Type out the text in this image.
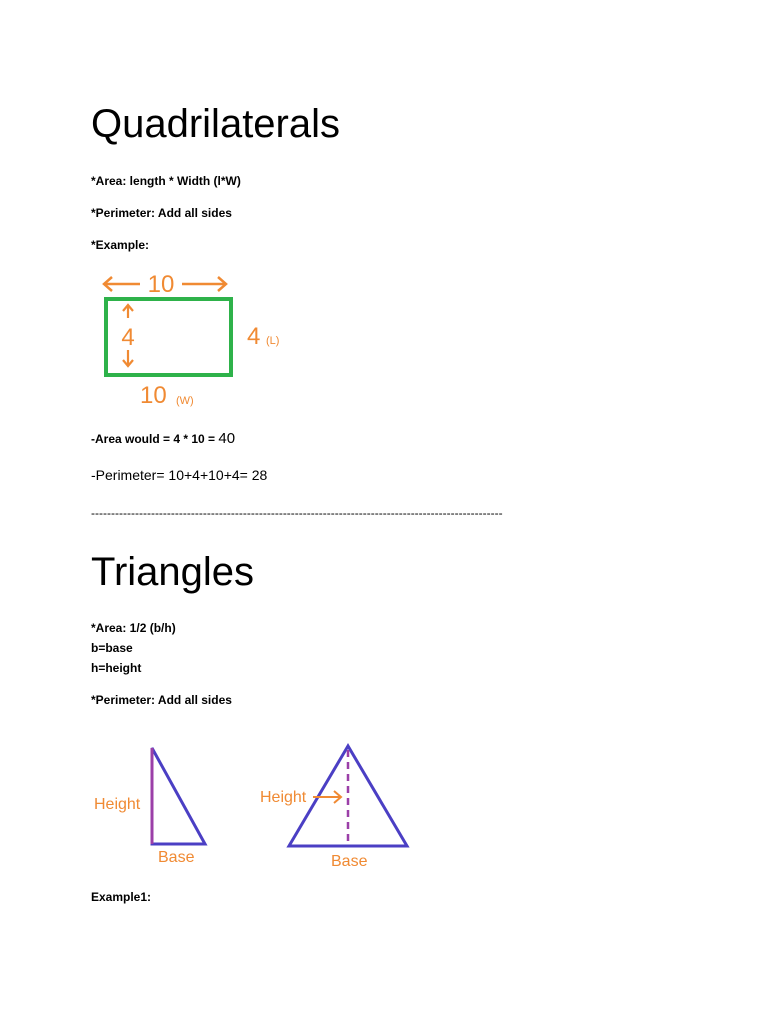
Quadrilaterals

*Area: length * Width (l*W)

*Perimeter: Add all sides

*Example:

10
4	4 (L)
10 (W)

-Area would = 4 * 10 = 40

-Perimeter= 10+4+10+4= 28

-------------------------------------------------------------------------------------------------------

Triangles

*Area: 1/2 (b/h)

b=base

h=height

*Perimeter: Add all sides

Height
Base
Height
Base

Example1:
